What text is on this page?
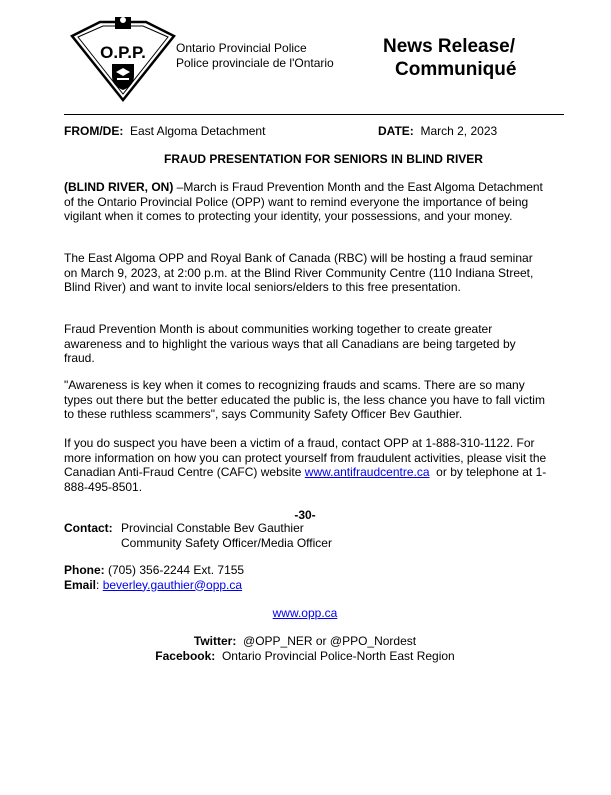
O.P.P.	Ontario Provincial Police
Police provinciale de l'Ontario
News Release/
Communiqué
FROM/DE: East Algoma Detachment	DATE: March 2, 2023
FRAUD PRESENTATION FOR SENIORS IN BLIND RIVER
(BLIND RIVER, ON) –March is Fraud Prevention Month and the East Algoma Detachment of the Ontario Provincial Police (OPP) want to remind everyone the importance of being vigilant when it comes to protecting your identity, your possessions, and your money.
The East Algoma OPP and Royal Bank of Canada (RBC) will be hosting a fraud seminar on March 9, 2023, at 2:00 p.m. at the Blind River Community Centre (110 Indiana Street, Blind River) and want to invite local seniors/elders to this free presentation.
Fraud Prevention Month is about communities working together to create greater awareness and to highlight the various ways that all Canadians are being targeted by fraud.
"Awareness is key when it comes to recognizing frauds and scams. There are so many types out there but the better educated the public is, the less chance you have to fall victim to these ruthless scammers", says Community Safety Officer Bev Gauthier.
If you do suspect you have been a victim of a fraud, contact OPP at 1-888-310-1122. For more information on how you can protect yourself from fraudulent activities, please visit the Canadian Anti-Fraud Centre (CAFC) website www.antifraudcentre.ca  or by telephone at 1-888-495-8501.
-30-
Contact: Provincial Constable Bev Gauthier
Community Safety Officer/Media Officer
Phone: (705) 356-2244 Ext. 7155
Email: beverley.gauthier@opp.ca
www.opp.ca
Twitter:  @OPP_NER or @PPO_Nordest
Facebook:  Ontario Provincial Police-North East Region
